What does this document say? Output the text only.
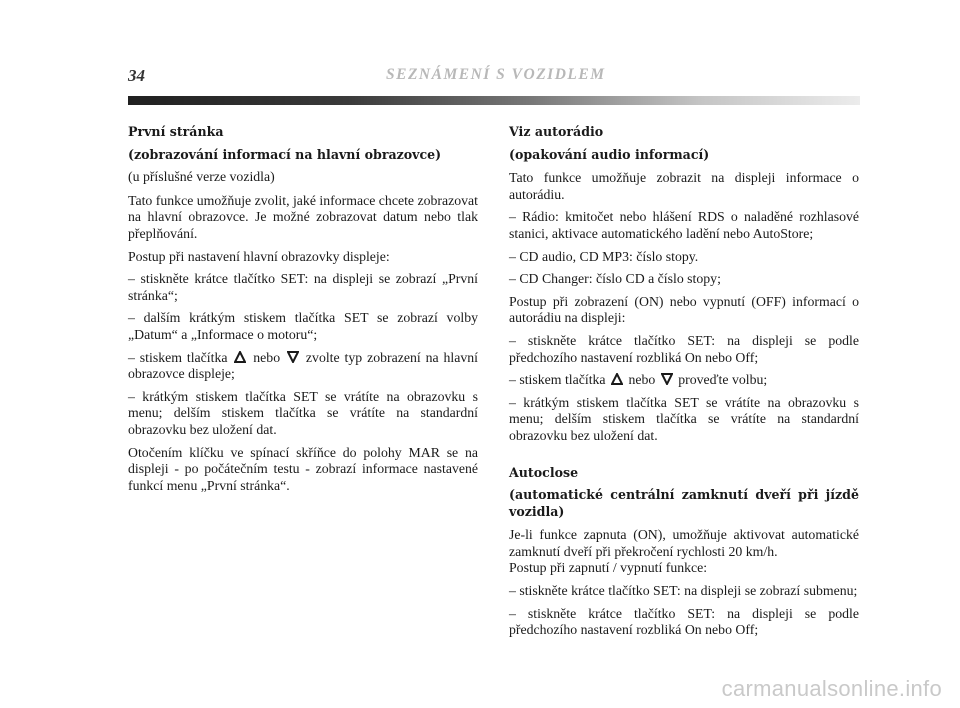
34	SEZNÁMENÍ S VOZIDLEM

První stránka

(zobrazování informací na hlavní obrazovce)

(u příslušné verze vozidla)

Tato funkce umožňuje zvolit, jaké informace chcete zobrazovat na hlavní obrazovce. Je možné zobrazovat datum nebo tlak přeplňování.

Postup při nastavení hlavní obrazovky displeje:

– stiskněte krátce tlačítko SET: na displeji se zobrazí „První stránka“;

– dalším krátkým stiskem tlačítka SET se zobrazí volby „Datum“ a „Informace o motoru“;

– stiskem tlačítka nebo zvolte typ zobrazení na hlavní obrazovce displeje;

– krátkým stiskem tlačítka SET se vrátíte na obrazovku s menu; delším stiskem tlačítka se vrátíte na standardní obrazovku bez uložení dat.

Otočením klíčku ve spínací skříňce do polohy MAR se na displeji - po počátečním testu - zobrazí informace nastavené funkcí menu „První stránka“.

Viz autorádio

(opakování audio informací)

Tato funkce umožňuje zobrazit na displeji informace o autorádiu.

– Rádio: kmitočet nebo hlášení RDS o naladěné rozhlasové stanici, aktivace automatického ladění nebo AutoStore;

– CD audio, CD MP3: číslo stopy.

– CD Changer: číslo CD a číslo stopy;

Postup při zobrazení (ON) nebo vypnutí (OFF) informací o autorádiu na displeji:

– stiskněte krátce tlačítko SET: na displeji se podle předchozího nastavení rozbliká On nebo Off;

– stiskem tlačítka nebo proveďte volbu;

– krátkým stiskem tlačítka SET se vrátíte na obrazovku s menu; delším stiskem tlačítka se vrátíte na standardní obrazovku bez uložení dat.

Autoclose

(automatické centrální zamknutí dveří při jízdě vozidla)

Je-li funkce zapnuta (ON), umožňuje aktivovat automatické zamknutí dveří při překročení rychlosti 20 km/h.

Postup při zapnutí / vypnutí funkce:

– stiskněte krátce tlačítko SET: na displeji se zobrazí submenu;

– stiskněte krátce tlačítko SET: na displeji se podle předchozího nastavení rozbliká On nebo Off;

carmanualsonline.info
